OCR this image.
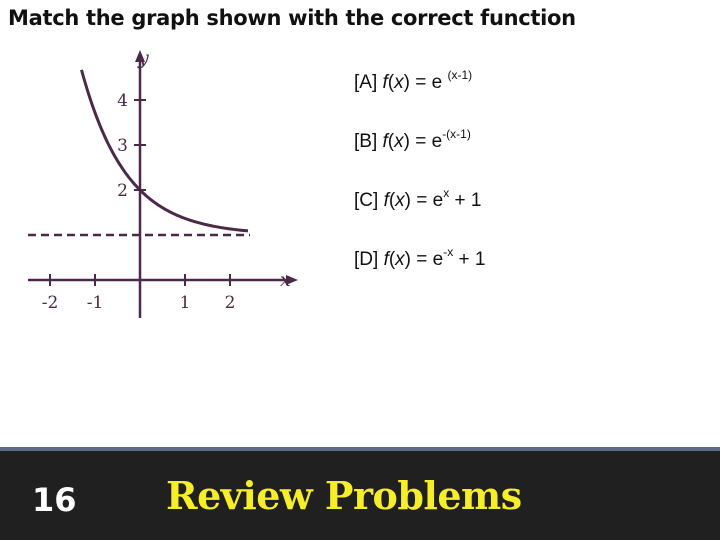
Match the graph shown with the correct function
y
x
-2 -1	1 2
2
3
4
[A] f(x) = e $^{(x-1)}$
[B] $f(x) = e^{-(x-1)}$
[C] $f(x) = e^x + 1$
[D] $f(x) = e^{-x} + 1$
16 Review Problems
